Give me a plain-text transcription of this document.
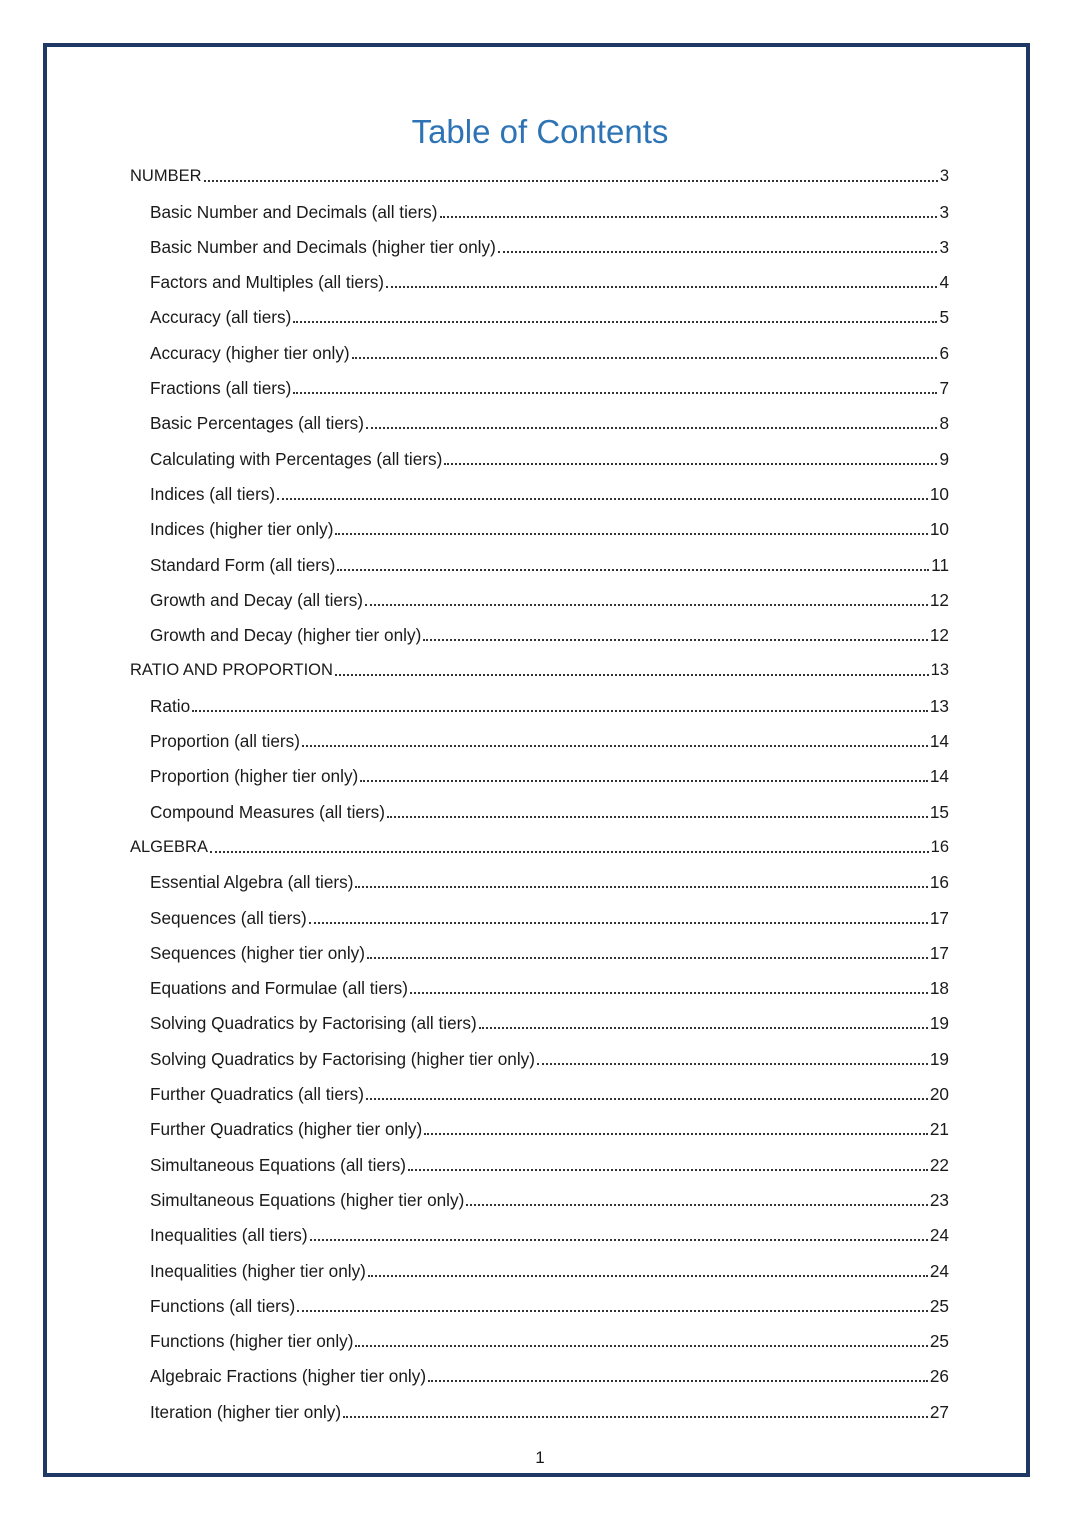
Table of Contents
NUMBER	3
Basic Number and Decimals (all tiers)	3
Basic Number and Decimals (higher tier only)	3
Factors and Multiples (all tiers)	4
Accuracy (all tiers)	5
Accuracy (higher tier only)	6
Fractions (all tiers)	7
Basic Percentages (all tiers)	8
Calculating with Percentages (all tiers)	9
Indices (all tiers)	10
Indices (higher tier only)	10
Standard Form (all tiers)	11
Growth and Decay (all tiers)	12
Growth and Decay (higher tier only)	12
RATIO AND PROPORTION	13
Ratio	13
Proportion (all tiers)	14
Proportion (higher tier only)	14
Compound Measures (all tiers)	15
ALGEBRA	16
Essential Algebra (all tiers)	16
Sequences (all tiers)	17
Sequences (higher tier only)	17
Equations and Formulae (all tiers)	18
Solving Quadratics by Factorising (all tiers)	19
Solving Quadratics by Factorising (higher tier only)	19
Further Quadratics (all tiers)	20
Further Quadratics (higher tier only)	21
Simultaneous Equations (all tiers)	22
Simultaneous Equations (higher tier only)	23
Inequalities (all tiers)	24
Inequalities (higher tier only)	24
Functions (all tiers)	25
Functions (higher tier only)	25
Algebraic Fractions (higher tier only)	26
Iteration (higher tier only)	27
1
